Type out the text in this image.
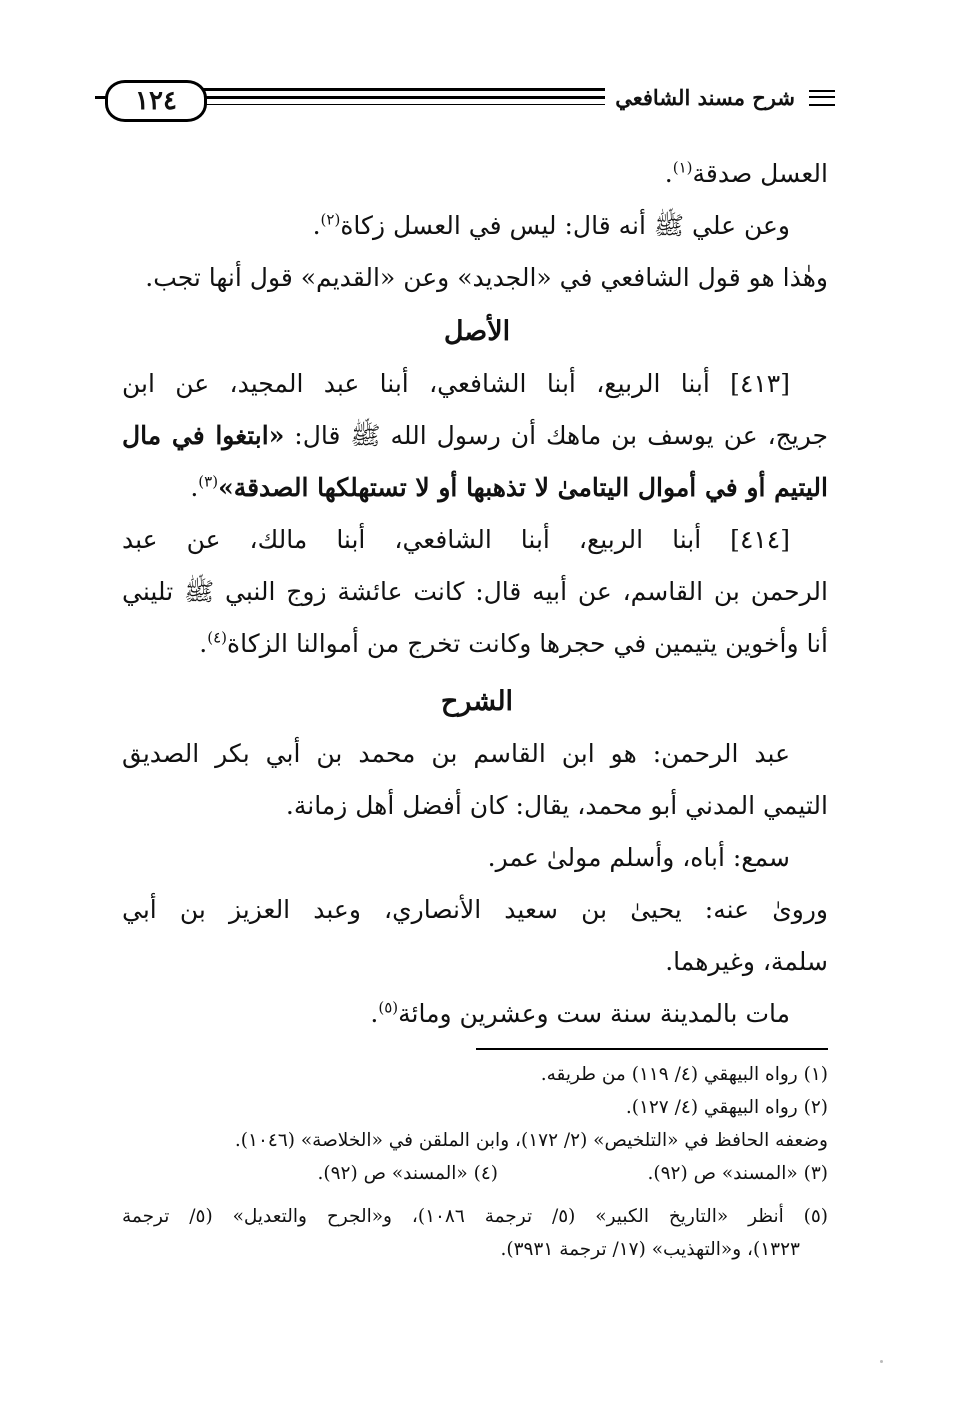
١٢٤	شرح مسند الشافعي
العسل صدقة$^{(١)}$.
وعن علي ﷺ أنه قال: ليس في العسل زكاة$^{(٢)}$.
وهٰذا هو قول الشافعي في «الجديد» وعن «القديم» قول أنها تجب.
الأصل
[٤١٣] أبنا الربيع، أبنا الشافعي، أبنا عبد المجيد، عن ابن
جريج، عن يوسف بن ماهك أن رسول الله ﷺ قال: «ابتغوا في مال
اليتيم أو في أموال اليتامىٰ لا تذهبها أو لا تستهلكها الصدقة»$^{(٣)}$.
[٤١٤] أبنا الربيع، أبنا الشافعي، أبنا مالك، عن عبد
الرحمن بن القاسم، عن أبيه قال: كانت عائشة زوج النبي ﷺ تليني
أنا وأخوين يتيمين في حجرها وكانت تخرج من أموالنا الزكاة$^{(٤)}$.
الشرح
عبد الرحمن: هو ابن القاسم بن محمد بن أبي بكر الصديق
التيمي المدني أبو محمد، يقال: كان أفضل أهل زمانة.
سمع: أباه، وأسلم مولىٰ عمر.
وروىٰ عنه: يحيىٰ بن سعيد الأنصاري، وعبد العزيز بن أبي
سلمة، وغيرهما.
مات بالمدينة سنة ست وعشرين ومائة$^{(٥)}$.
(١) رواه البيهقي (٤/ ١١٩) من طريقه.
(٢) رواه البيهقي (٤/ ١٢٧).
وضعفه الحافظ في «التلخيص» (٢/ ١٧٢)، وابن الملقن في «الخلاصة» (١٠٤٦).
(٣) «المسند» ص (٩٢).(٤) «المسند» ص (٩٢).
(٥) أنظر «التاريخ الكبير» (٥/ ترجمة ١٠٨٦)، و«الجرح والتعديل» (٥/ ترجمة
١٣٢٣)، و«التهذيب» (١٧/ ترجمة ٣٩٣١).
